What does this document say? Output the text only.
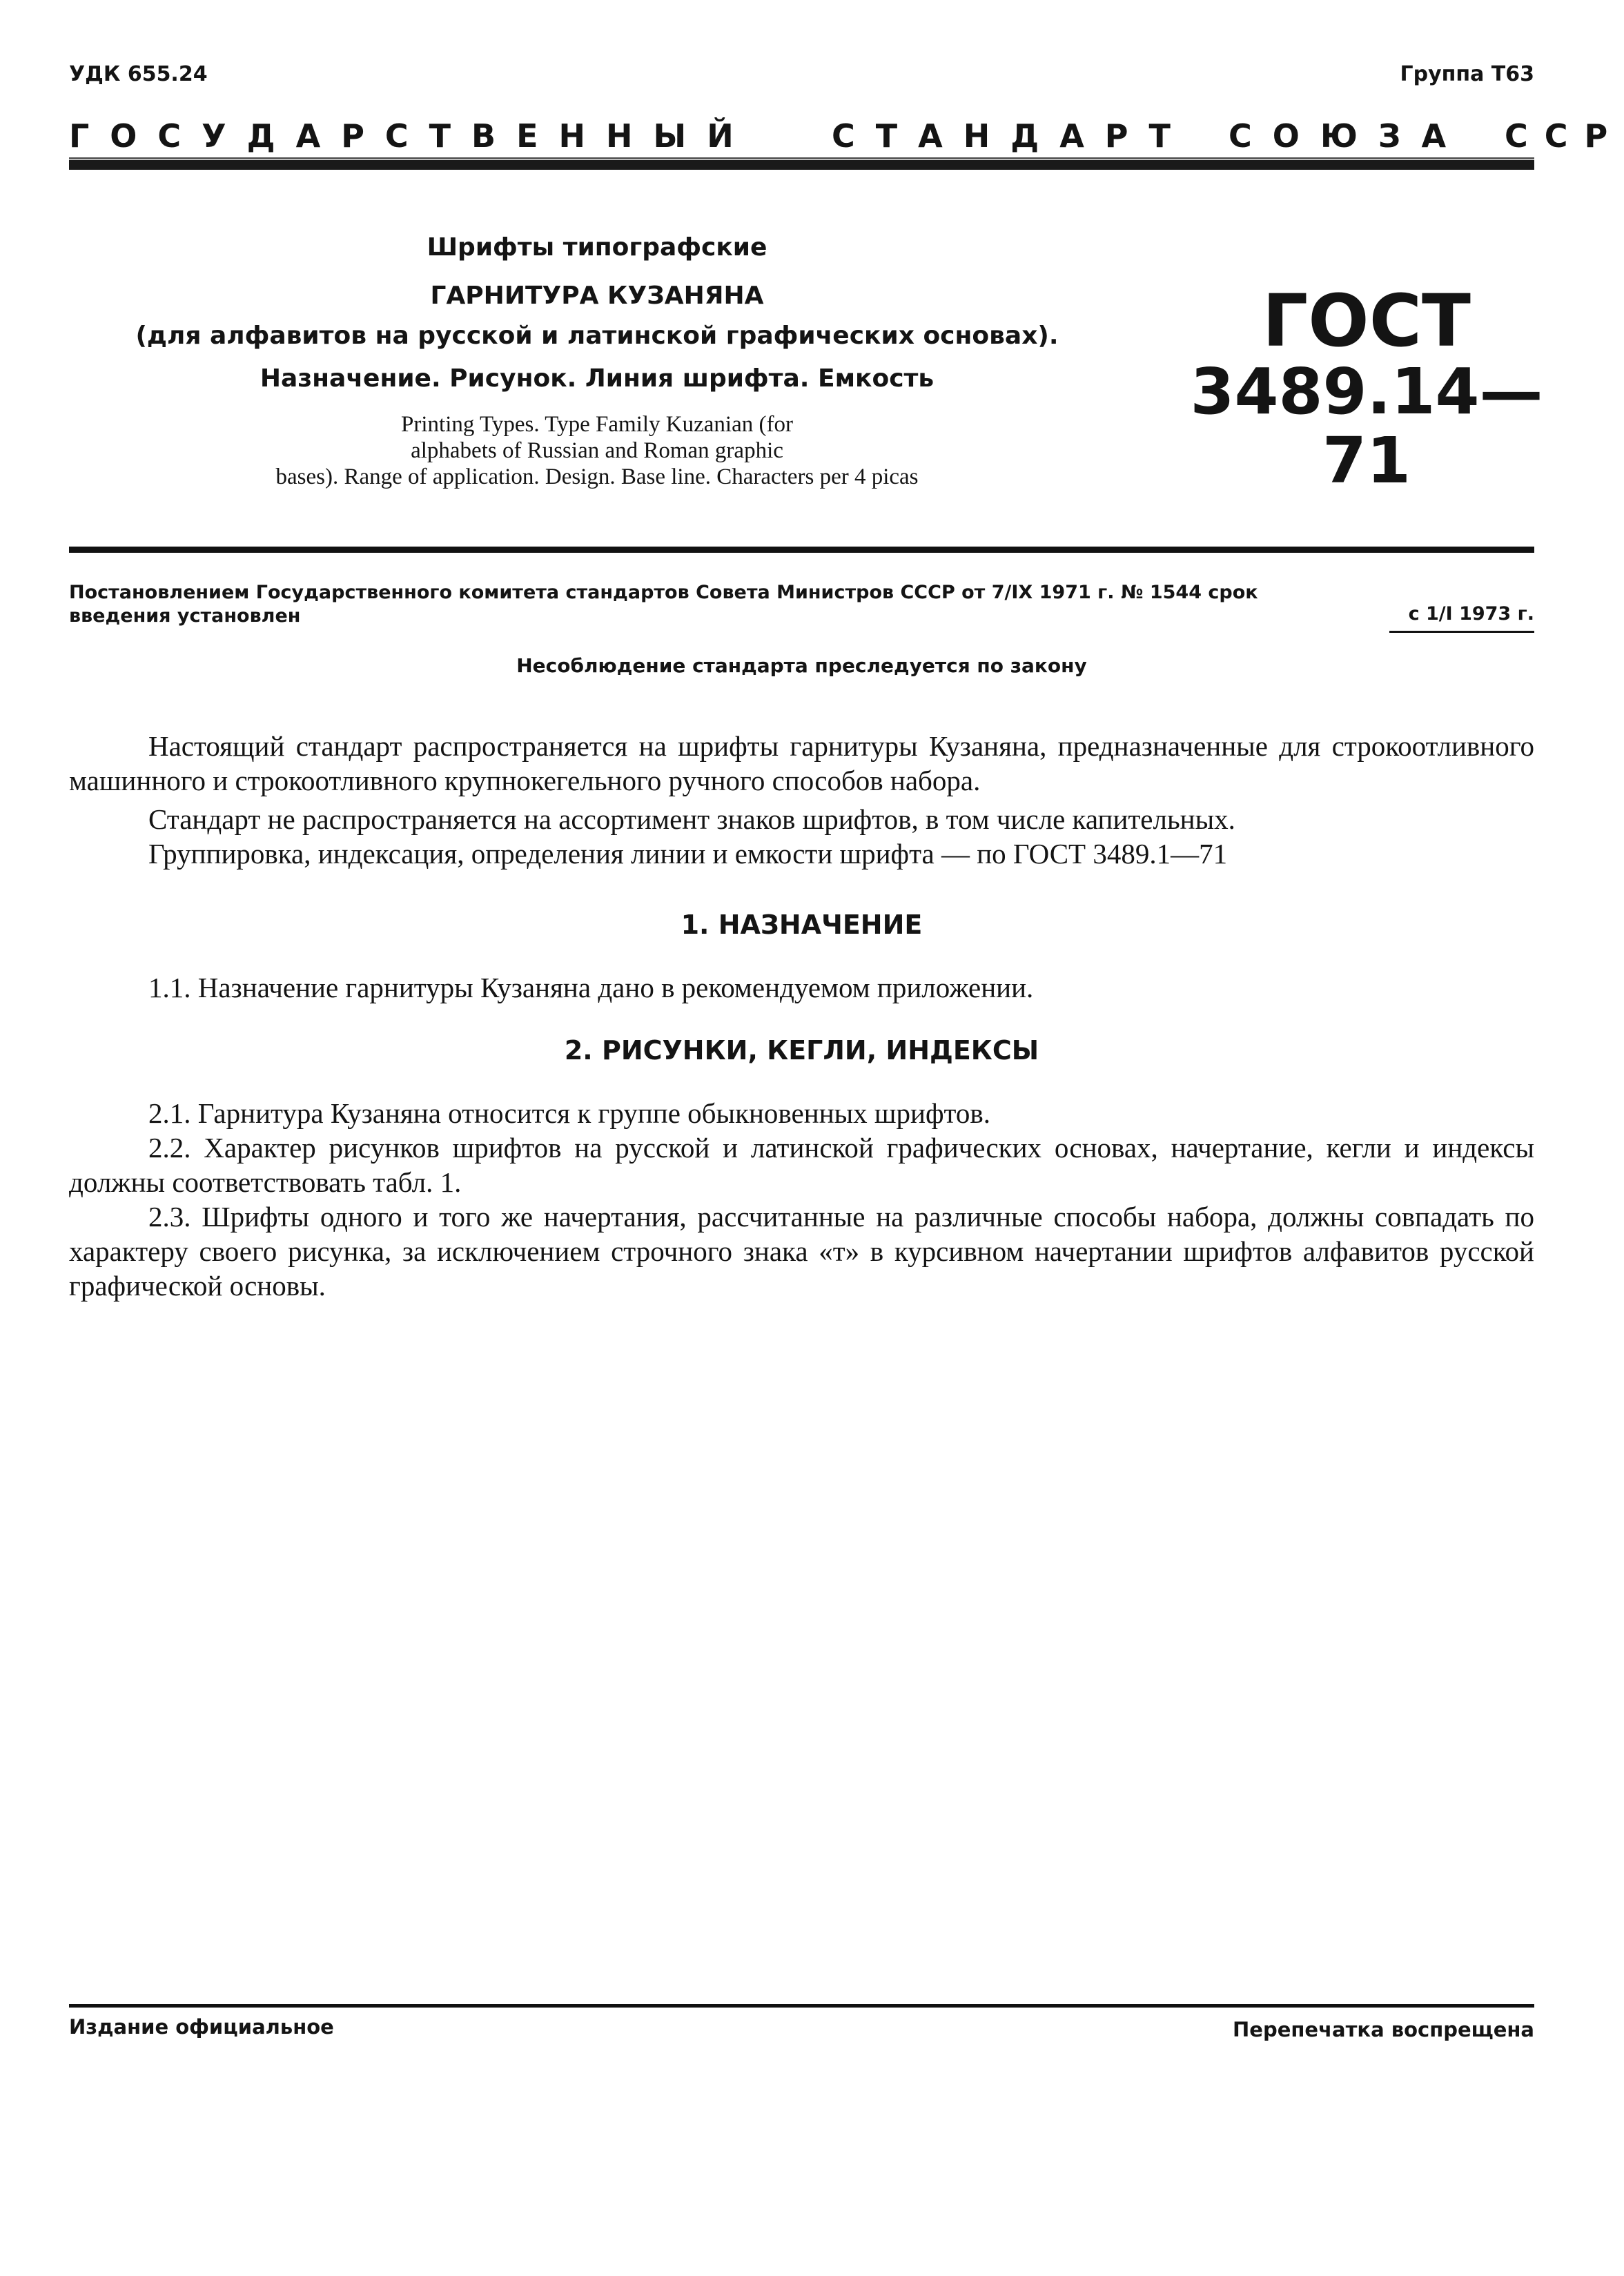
УДК 655.24	Группа Т63
ГОСУДАРСТВЕННЫЙ СТАНДАРТ СОЮЗА ССР
Шрифты типографские
ГАРНИТУРА КУЗАНЯНА
(для алфавитов на русской и латинской графических основах).
Назначение. Рисунок. Линия шрифта. Емкость
Printing Types. Type Family Kuzanian (for
alphabets of Russian and Roman graphic
bases). Range of application. Design. Base line. Characters per 4 picas
ГОСТ
3489.14—71
Постановлением Государственного комитета стандартов Совета Министров СССР от 7/IX 1971 г. № 1544 срок введения установлен	с 1/I 1973 г.
Несоблюдение стандарта преследуется по закону
Настоящий стандарт распространяется на шрифты гарнитуры Кузаняна, предназначенные для строкоотливного машинного и строкоотливного крупнокегельного ручного способов набора.
Стандарт не распространяется на ассортимент знаков шрифтов, в том числе капительных.
Группировка, индексация, определения линии и емкости шрифта — по ГОСТ 3489.1—71
1. НАЗНАЧЕНИЕ
1.1. Назначение гарнитуры Кузаняна дано в рекомендуемом приложении.
2. РИСУНКИ, КЕГЛИ, ИНДЕКСЫ
2.1. Гарнитура Кузаняна относится к группе обыкновенных шрифтов.
2.2. Характер рисунков шрифтов на русской и латинской графических основах, начертание, кегли и индексы должны соответствовать табл. 1.
2.3. Шрифты одного и того же начертания, рассчитанные на различные способы набора, должны совпадать по характеру своего рисунка, за исключением строчного знака «т» в курсивном начертании шрифтов алфавитов русской графической основы.
Издание официальное	Перепечатка воспрещена
